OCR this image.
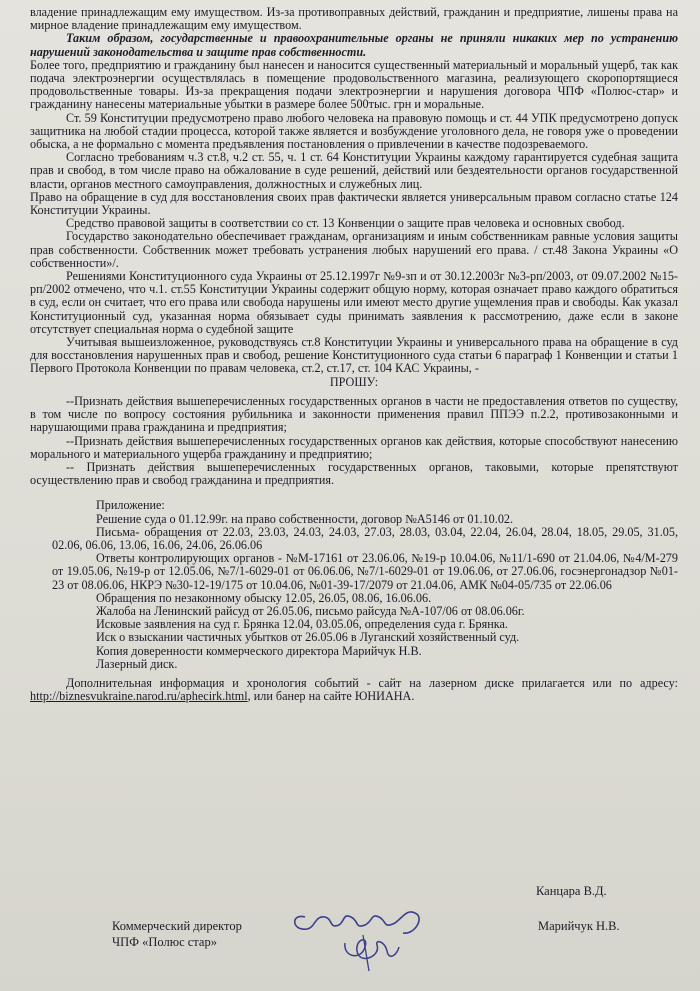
владение принадлежащим ему имуществом. Из-за противоправных действий, гражданин и предприятие, лишены права на мирное владение принадлежащим ему имуществом.

Таким образом, государственные и правоохранительные органы не приняли никаких мер по устранению нарушений законодательства и защите прав собственности.

Более того, предприятию и гражданину был нанесен и наносится существенный материальный и моральный ущерб, так как подача электроэнергии осуществлялась в помещение продовольственного магазина, реализующего скоропортящиеся продовольственные товары. Из-за прекращения подачи электроэнергии и нарушения договора ЧПФ «Полюс-стар» и гражданину нанесены материальные убытки в размере более 500тыс. грн и моральные.

Ст. 59 Конституции предусмотрено право любого человека на правовую помощь и ст. 44 УПК предусмотрено допуск защитника на любой стадии процесса, которой также является и возбуждение уголовного дела, не говоря уже о проведении обыска, а не формально с момента предъявления постановления о привлечении в качестве подозреваемого.

Согласно требованиям ч.3 ст.8, ч.2 ст. 55, ч. 1 ст. 64 Конституции Украины каждому гарантируется судебная защита прав и свобод, в том числе право на обжалование в суде решений, действий или бездеятельности органов государственной власти, органов местного самоуправления, должностных и служебных лиц.

Право на обращение в суд для восстановления своих прав фактически является универсальным правом согласно статье 124 Конституции Украины.

Средство правовой защиты в соответствии со ст. 13 Конвенции о защите прав человека и основных свобод.

Государство законодательно обеспечивает гражданам, организациям и иным собственникам равные условия защиты прав собственности. Собственник может требовать устранения любых нарушений его права. / ст.48 Закона Украины «О собственности»/.

Решениями Конституционного суда Украины от 25.12.1997г №9-зп и от 30.12.2003г №3-рп/2003, от 09.07.2002 №15-рп/2002 отмечено, что ч.1. ст.55 Конституции Украины содержит общую норму, которая означает право каждого обратиться в суд, если он считает, что его права или свобода нарушены или имеют место другие ущемления прав и свободы. Как указал Конституционный суд, указанная норма обязывает суды принимать заявления к рассмотрению, даже если в законе отсутствует специальная норма о судебной защите

Учитывая вышеизложенное, руководствуясь ст.8 Конституции Украины и универсального права на обращение в суд для восстановления нарушенных прав и свобод, решение Конституционного суда статьи 6 параграф 1 Конвенции и статьи 1 Первого Протокола Конвенции по правам человека, ст.2, ст.17, ст. 104 КАС Украины, -

ПРОШУ:

--Признать действия вышеперечисленных государственных органов в части не предоставления ответов по существу, в том числе по вопросу состояния рубильника и законности применения правил ППЭЭ п.2.2, противозаконными и нарушающими права гражданина и предприятия;

--Признать действия вышеперечисленных государственных органов как действия, которые способствуют нанесению морального и материального ущерба гражданину и предприятию;

-- Признать действия вышеперечисленных государственных органов, таковыми, которые препятствуют осуществлению прав и свобод гражданина и предприятия.

Приложение:

Решение суда о 01.12.99г. на право собственности, договор №А5146 от 01.10.02.

Письма- обращения от 22.03, 23.03, 24.03, 24.03, 27.03, 28.03, 03.04, 22.04, 26.04, 28.04, 18.05, 29.05, 31.05, 02.06, 06.06, 13.06, 16.06, 24.06, 26.06.06

Ответы контролирующих органов - №М-17161 от 23.06.06, №19-р 10.04.06, №11/1-690 от 21.04.06, №4/М-279 от 19.05.06, №19-р от 12.05.06, №7/1-6029-01 от 06.06.06, №7/1-6029-01 от 19.06.06, от 27.06.06, госэнергонадзор №01-23 от 08.06.06, НКРЭ №30-12-19/175 от 10.04.06, №01-39-17/2079 от 21.04.06, АМК №04-05/735 от 22.06.06

Обращения по незаконному обыску 12.05, 26.05, 08.06, 16.06.06.

Жалоба на Ленинский райсуд от 26.05.06, письмо райсуда №А-107/06 от 08.06.06г.

Исковые заявления на суд г. Брянка 12.04, 03.05.06, определения суда г. Брянка.

Иск о взыскании частичных убытков от 26.05.06 в Луганский хозяйственный суд.

Копия доверенности коммерческого директора Марийчук Н.В.

Лазерный диск.

Дополнительная информация и хронология событий - сайт на лазерном диске прилагается или по адресу: http://biznesvukraine.narod.ru/aphecirk.html, или банер на сайте ЮНИАНА.

Канцара В.Д.
Марийчук Н.В.
Коммерческий директор
ЧПФ «Полюс стар»
